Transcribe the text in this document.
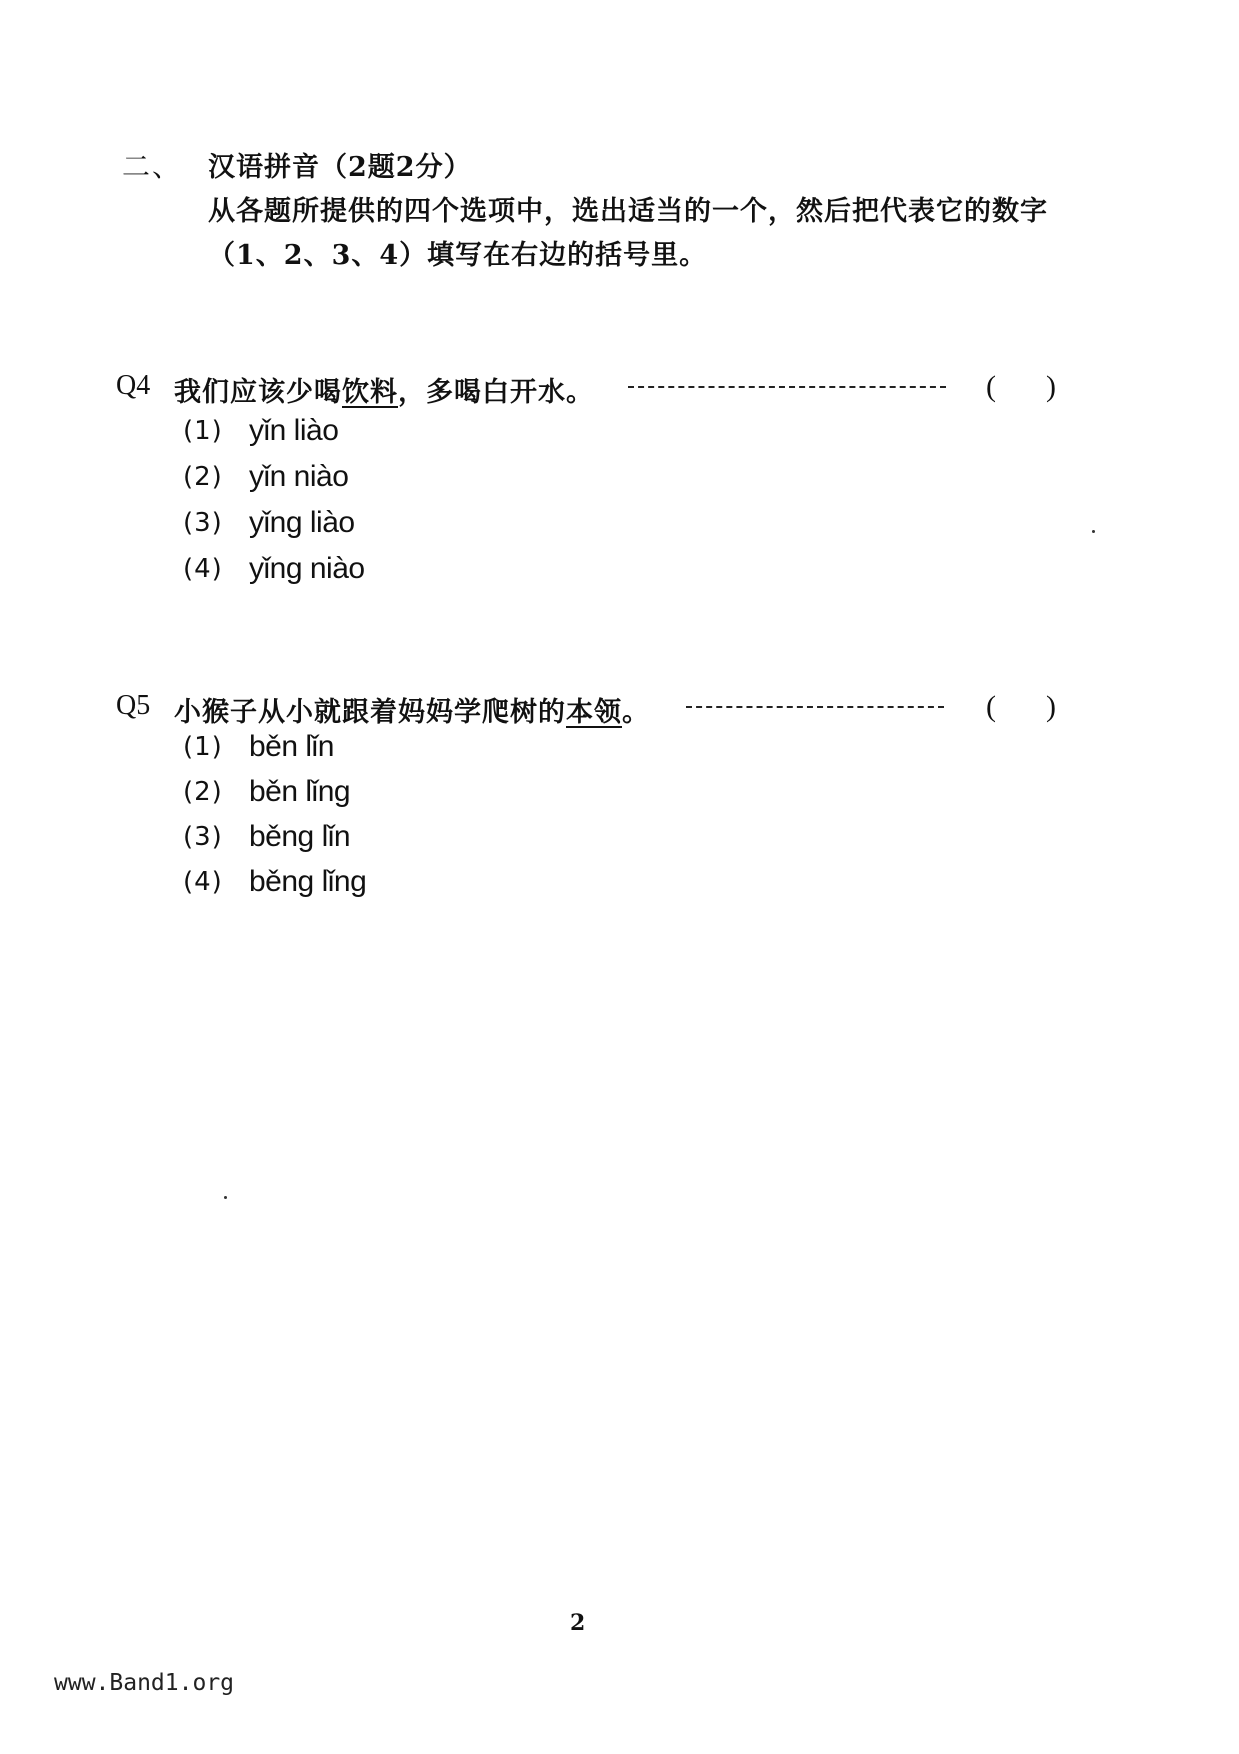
二、 汉语拼音（2题2分）
从各题所提供的四个选项中，选出适当的一个，然后把代表它的数字（1、2、3、4）填写在右边的括号里。
Q4 我们应该少喝饮料，多喝白开水。	( )
(1) yǐn liào
(2) yǐn niào
(3) yǐng liào
(4) yǐng niào
Q5 小猴子从小就跟着妈妈学爬树的本领。	( )
(1) běn lǐn
(2) běn lǐng
(3) běng lǐn
(4) běng lǐng
2
www.Band1.org
